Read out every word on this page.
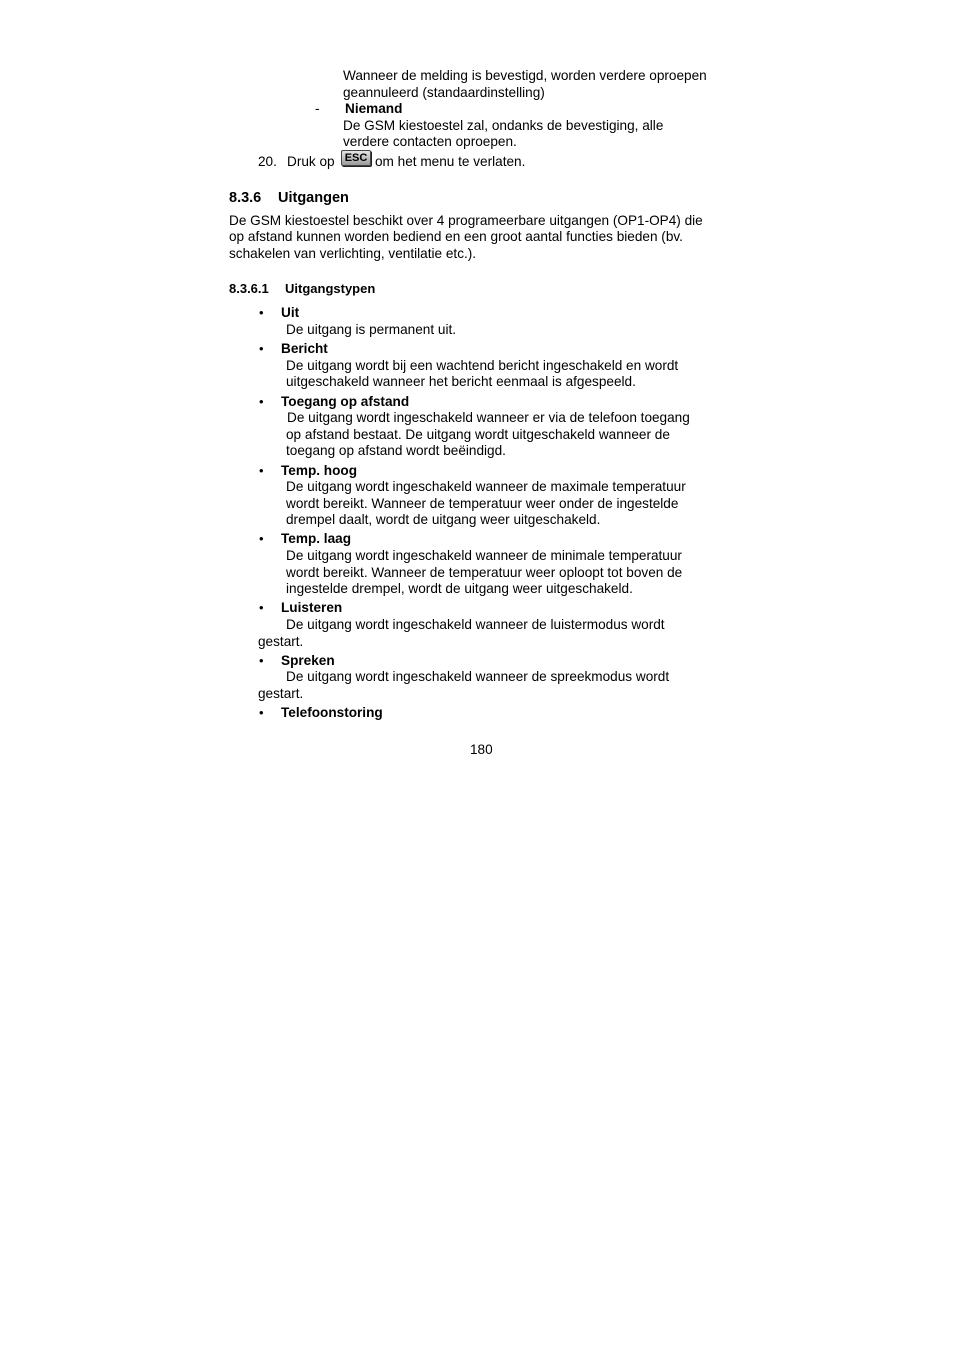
Wanneer de melding is bevestigd, worden verdere oproepen
geannuleerd (standaardinstelling)
- Niemand
De GSM kiestoestel zal, ondanks de bevestiging, alle
verdere contacten oproepen.
20. Druk op ESC om het menu te verlaten.
8.3.6 Uitgangen
De GSM kiestoestel beschikt over 4 programeerbare uitgangen (OP1-OP4) die
op afstand kunnen worden bediend en een groot aantal functies bieden (bv.
schakelen van verlichting, ventilatie etc.).
8.3.6.1 Uitgangstypen
• Uit
De uitgang is permanent uit.
• Bericht
De uitgang wordt bij een wachtend bericht ingeschakeld en wordt
uitgeschakeld wanneer het bericht eenmaal is afgespeeld.
• Toegang op afstand
De uitgang wordt ingeschakeld wanneer er via de telefoon toegang
op afstand bestaat. De uitgang wordt uitgeschakeld wanneer de
toegang op afstand wordt beëindigd.
• Temp. hoog
De uitgang wordt ingeschakeld wanneer de maximale temperatuur
wordt bereikt. Wanneer de temperatuur weer onder de ingestelde
drempel daalt, wordt de uitgang weer uitgeschakeld.
• Temp. laag
De uitgang wordt ingeschakeld wanneer de minimale temperatuur
wordt bereikt. Wanneer de temperatuur weer oploopt tot boven de
ingestelde drempel, wordt de uitgang weer uitgeschakeld.
• Luisteren
De uitgang wordt ingeschakeld wanneer de luistermodus wordt
gestart.
• Spreken
De uitgang wordt ingeschakeld wanneer de spreekmodus wordt
gestart.
• Telefoonstoring
180
